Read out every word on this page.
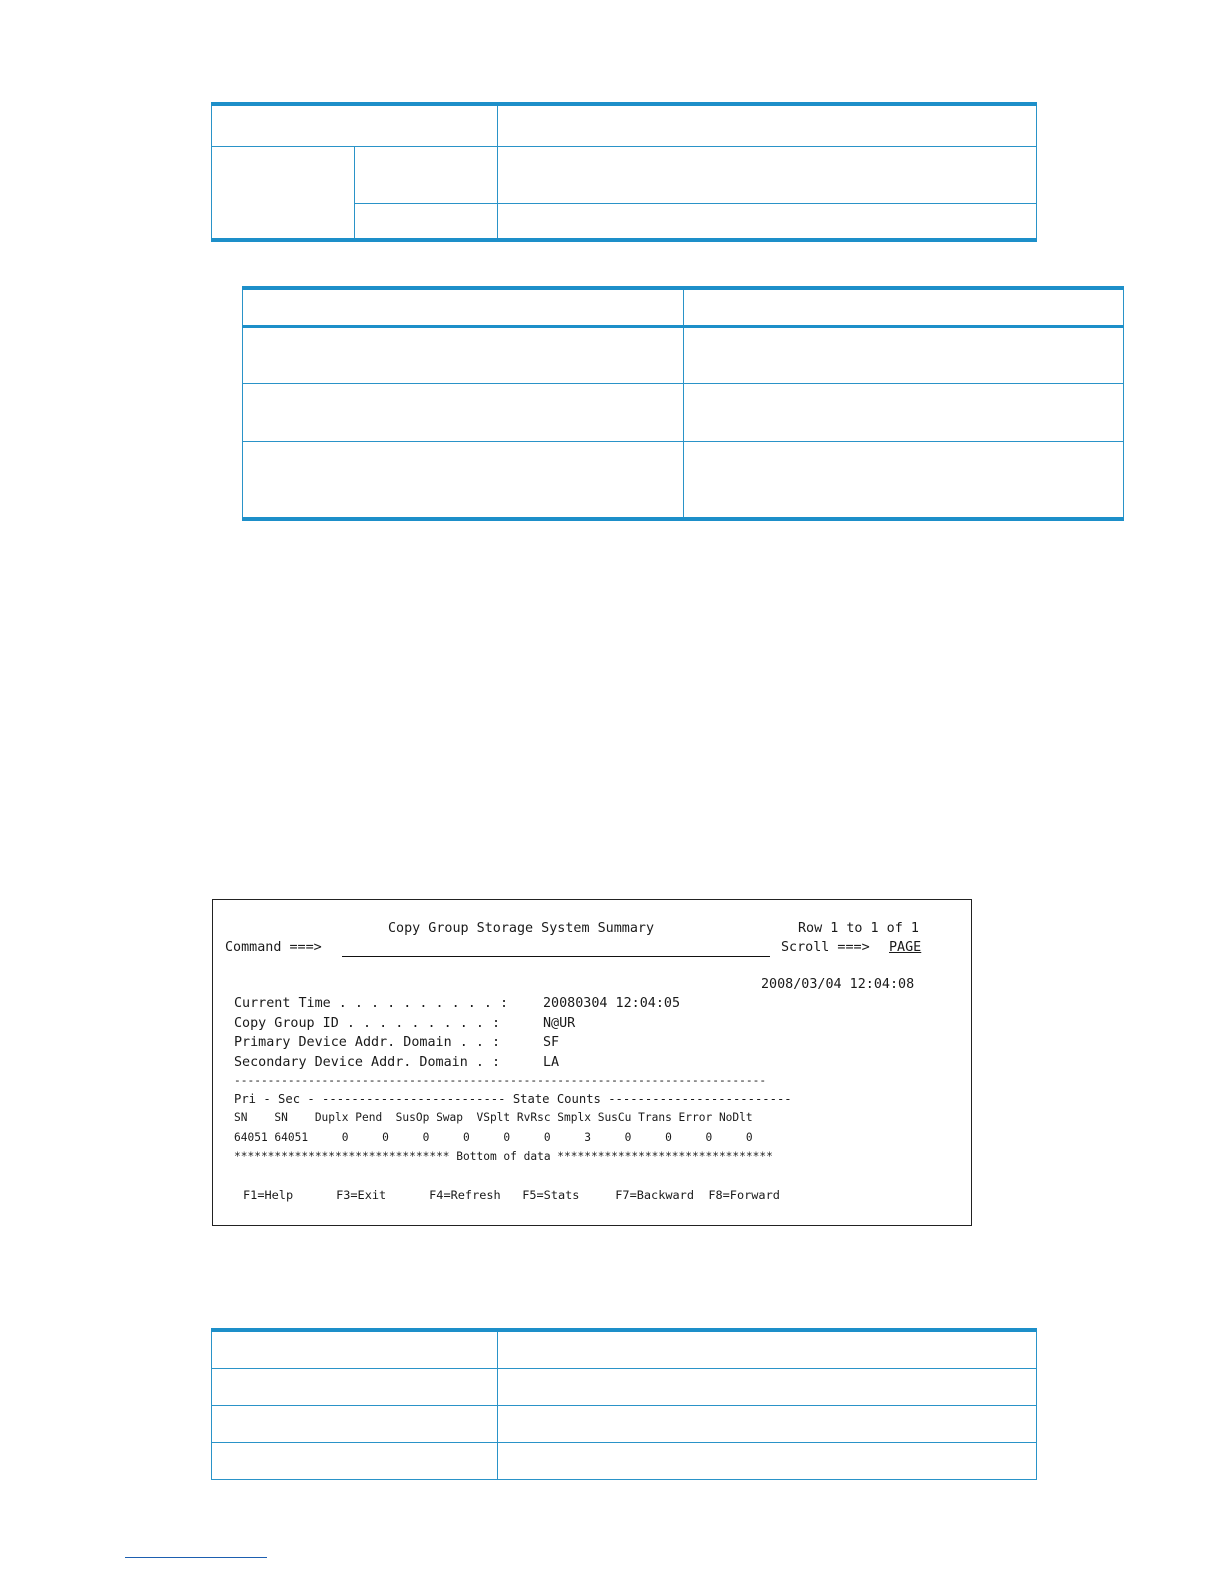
Copy Group Storage System Summary	Row 1 to 1 of 1
Command ===>	Scroll ===> PAGE
2008/03/04 12:04:08
Current Time . . . . . . . . . . :	20080304 12:04:05
Copy Group ID . . . . . . . . . :	N@UR
Primary Device Addr. Domain . . :	SF
Secondary Device Addr. Domain . :	LA
-------------------------------------------------------------------------------
Pri - Sec - ------------------------- State Counts -------------------------
SN    SN    Duplx Pend  SusOp Swap  VSplt RvRsc Smplx SusCu Trans Error NoDlt
64051 64051     0     0     0     0     0     0     3     0     0     0     0
******************************** Bottom of data ********************************
F1=Help      F3=Exit      F4=Refresh   F5=Stats     F7=Backward  F8=Forward
